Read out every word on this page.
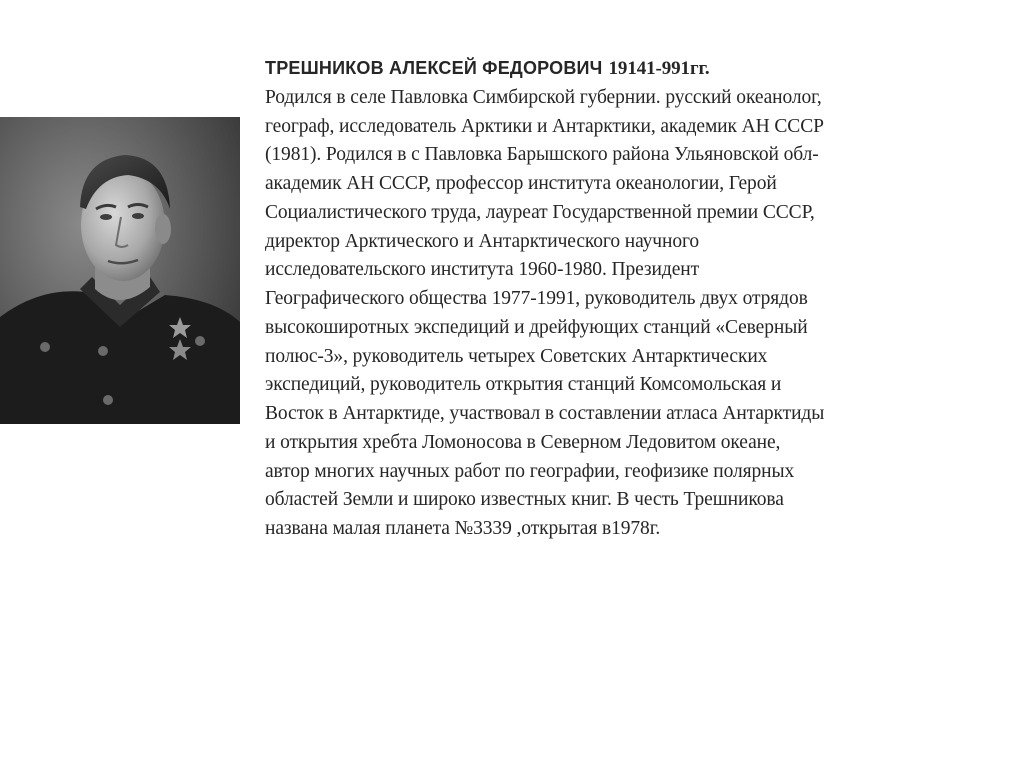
ТРЕШНИКОВ АЛЕКСЕЙ ФЕДОРОВИЧ 19141-991гг.
Родился в селе Павловка Симбирской губернии. русский океанолог,
географ, исследователь Арктики и Антарктики, академик АН СССР
(1981). Родился в с Павловка Барышского района Ульяновской обл-
академик АН СССР, профессор института океанологии, Герой
Социалистического труда, лауреат Государственной премии СССР,
директор Арктического и Антарктического научного
исследовательского института 1960-1980. Президент
Географического общества 1977-1991, руководитель двух отрядов
высокоширотных экспедиций и дрейфующих станций «Северный
полюс-3», руководитель четырех Советских Антарктических
экспедиций, руководитель открытия станций Комсомольская и
Восток в Антарктиде, участвовал в составлении атласа Антарктиды
и открытия хребта Ломоносова в Северном Ледовитом океане,
автор многих научных работ по географии, геофизике полярных
областей Земли и широко известных книг. В честь Трешникова
названа малая планета №3339 ,открытая в1978г.
